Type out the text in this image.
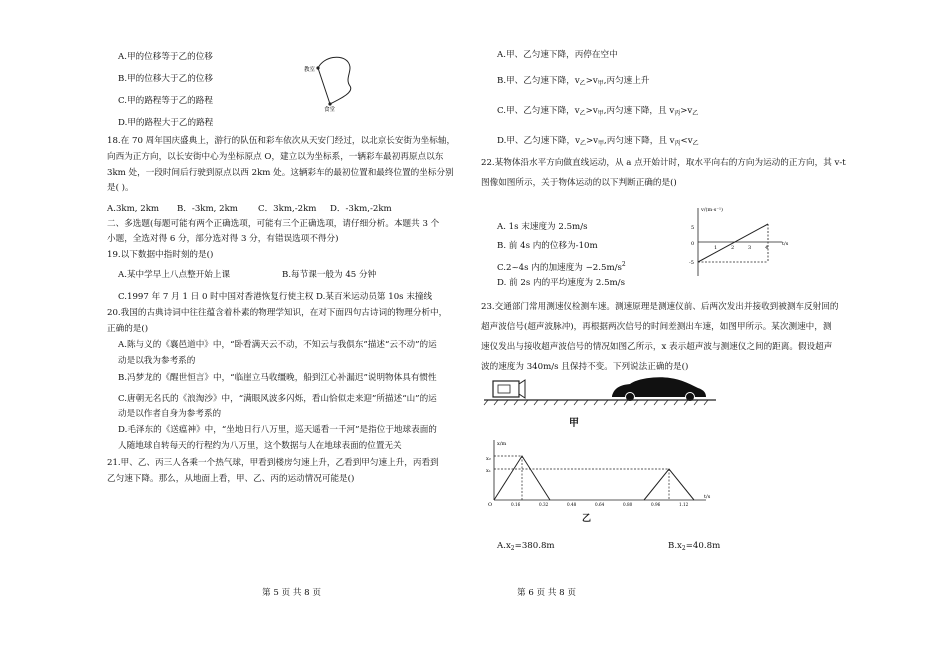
A.甲的位移等于乙的位移
B.甲的位移大于乙的位移
C.甲的路程等于乙的路程
D.甲的路程大于乙的路程
教室
食堂
18.在 70 周年国庆盛典上，游行的队伍和彩车依次从天安门经过，以北京长安街为坐标轴，
向西为正方向，以长安街中心为坐标原点 O，建立以为坐标系，一辆彩车最初再原点以东
3km 处，一段时间后行驶到原点以西 2km 处。这辆彩车的最初位置和最终位置的坐标分别
是( )。
A.3km, 2km B．-3km, 2km C．3km,-2km D．-3km,-2km
二、多选题(每题可能有两个正确选项，可能有三个正确选项，请仔细分析。本题共 3 个
小题，全选对得 6 分，部分选对得 3 分，有错误选项不得分)
19.以下数据中指时刻的是()
A.某中学早上八点整开始上课	B.每节课一般为 45 分钟
C.1997 年 7 月 1 日 0 时中国对香港恢复行使主权 D.某百米运动员第 10s 末撞线
20.我国的古典诗词中往往蕴含着朴素的物理学知识，在对下面四句古诗词的物理分析中，
正确的是()
A.陈与义的《襄邑道中》中，“卧看满天云不动，不知云与我俱东”描述“云不动”的运
动是以我为参考系的
B.冯梦龙的《醒世恒言》中，“临崖立马收缰晚，船到江心补漏迟”说明物体具有惯性
C.唐朝无名氏的《浪淘沙》中，“满眼风波多闪烁，看山恰似走来迎”所描述“山”的运
动是以作者自身为参考系的
D.毛泽东的《送瘟神》中，“坐地日行八万里，巡天遥看一千河”是指位于地球表面的
人随地球自转每天的行程约为八万里，这个数据与人在地球表面的位置无关
21.甲、乙、丙三人各乘一个热气球，甲看到楼房匀速上升，乙看到甲匀速上升，丙看到
乙匀速下降。那么，从地面上看，甲、乙、丙的运动情况可能是()
第 5 页 共 8 页
A.甲、乙匀速下降，丙停在空中
B.甲、乙匀速下降，$v_乙>v_甲$,丙匀速上升
C.甲、乙匀速下降，$v_乙>v_甲$,丙匀速下降，且 $v_丙>v_乙$
D.甲、乙匀速下降，$v_乙>v_甲$,丙匀速下降，且 $v_丙<v_乙$
22.某物体沿水平方向做直线运动，从 a 点开始计时，取水平向右的方向为运动的正方向，其 v-t
图像如图所示，关于物体运动的以下判断正确的是()
A. 1s 末速度为 2.5m/s
B. 前 4s 内的位移为-10m
C.2~4s 内的加速度为 $-2.5m/s^2$
D. 前 2s 内的平均速度为 2.5m/s
v/(m·s⁻¹)
t/s
5
0
-5
1	2	3	4
23.交通部门常用测速仪检测车速。测速原理是测速仪前、后两次发出并接收到被测车反射回的
超声波信号(超声波脉冲)，再根据两次信号的时间差测出车速，如图甲所示。某次测速中，测
速仪发出与接收超声波信号的情况如图乙所示，x 表示超声波与测速仪之间的距离。假设超声
波的速度为 340m/s 且保持不变。下列说法正确的是()
甲
x/m
t/s
x₂
x₁
O	0.16	0.32	0.48	0.64	0.80	0.96	1.12
乙
$A.x_2=380.8m$	$B.x_2=40.8m$
第 6 页 共 8 页
